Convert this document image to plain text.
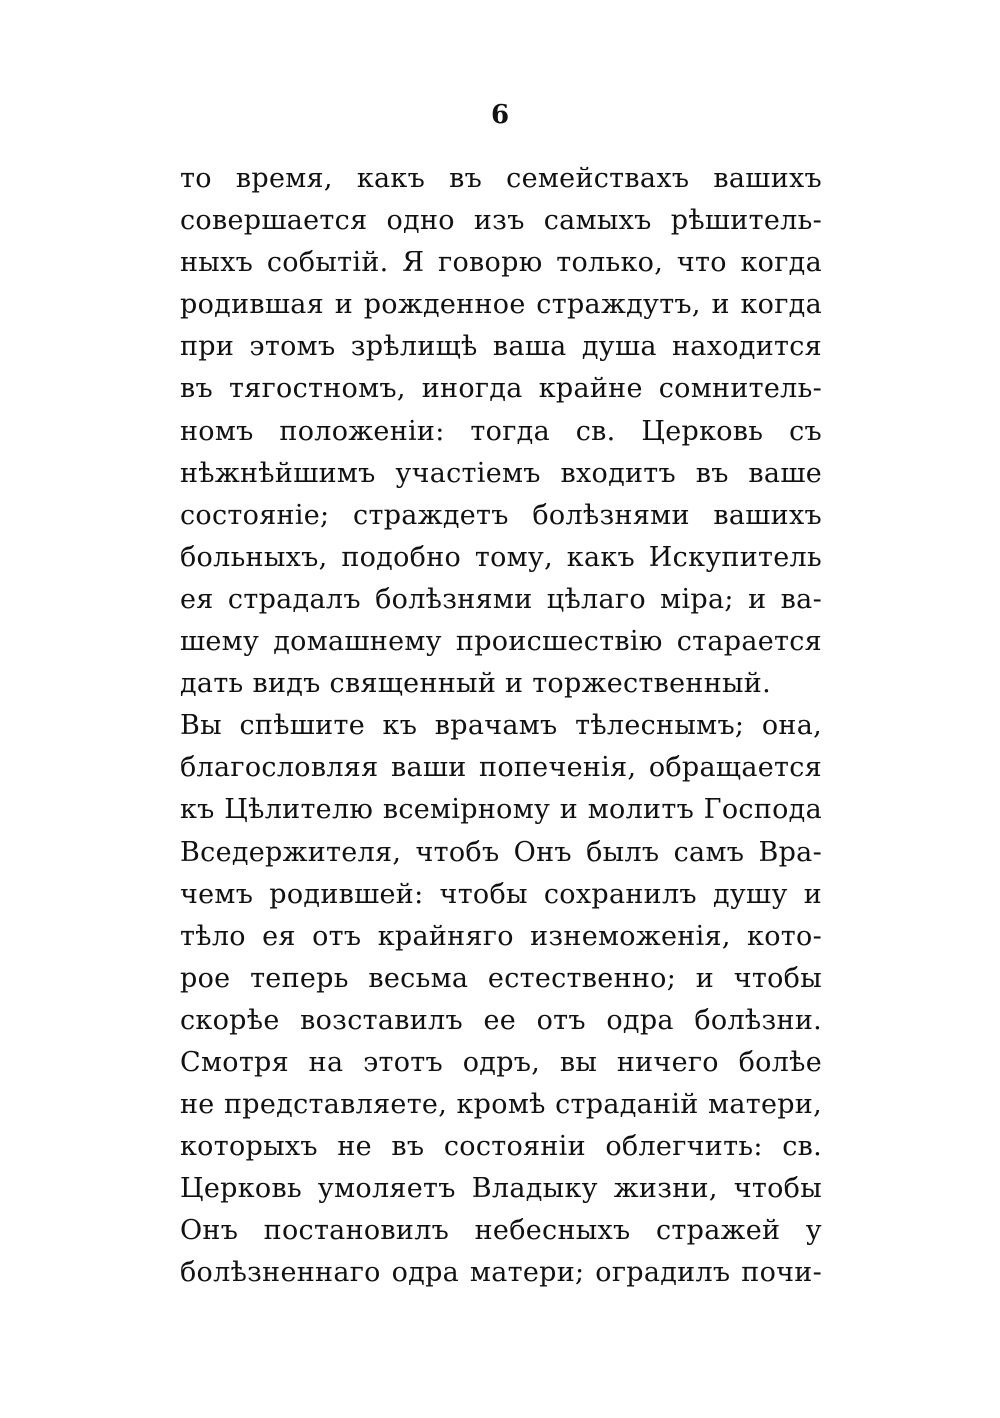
6
то время, какъ въ семействахъ вашихъ
совершается одно изъ самыхъ рѣшитель-
ныхъ событій. Я говорю только, что когда
родившая и рожденное страждутъ, и когда
при этомъ зрѣлищѣ ваша душа находится
въ тягостномъ, иногда крайне сомнитель-
номъ положеніи: тогда св. Церковь съ
нѣжнѣйшимъ участіемъ входитъ въ ваше
состояніе; страждетъ болѣзнями вашихъ
больныхъ, подобно тому, какъ Искупитель
ея страдалъ болѣзнями цѣлаго міра; и ва-
шему домашнему происшествію старается
дать видъ священный и торжественный.
Вы спѣшите къ врачамъ тѣлеснымъ; она,
благословляя ваши попеченія, обращается
къ Цѣлителю всемірному и молитъ Господа
Вседержителя, чтобъ Онъ былъ самъ Вра-
чемъ родившей: чтобы сохранилъ душу и
тѣло ея отъ крайняго изнеможенія, кото-
рое теперь весьма естественно; и чтобы
скорѣе возставилъ ее отъ одра болѣзни.
Смотря на этотъ одръ, вы ничего болѣе
не представляете, кромѣ страданій матери,
которыхъ не въ состояніи облегчить: св.
Церковь умоляетъ Владыку жизни, чтобы
Онъ постановилъ небесныхъ стражей у
болѣзненнаго одра матери; оградилъ почи-
